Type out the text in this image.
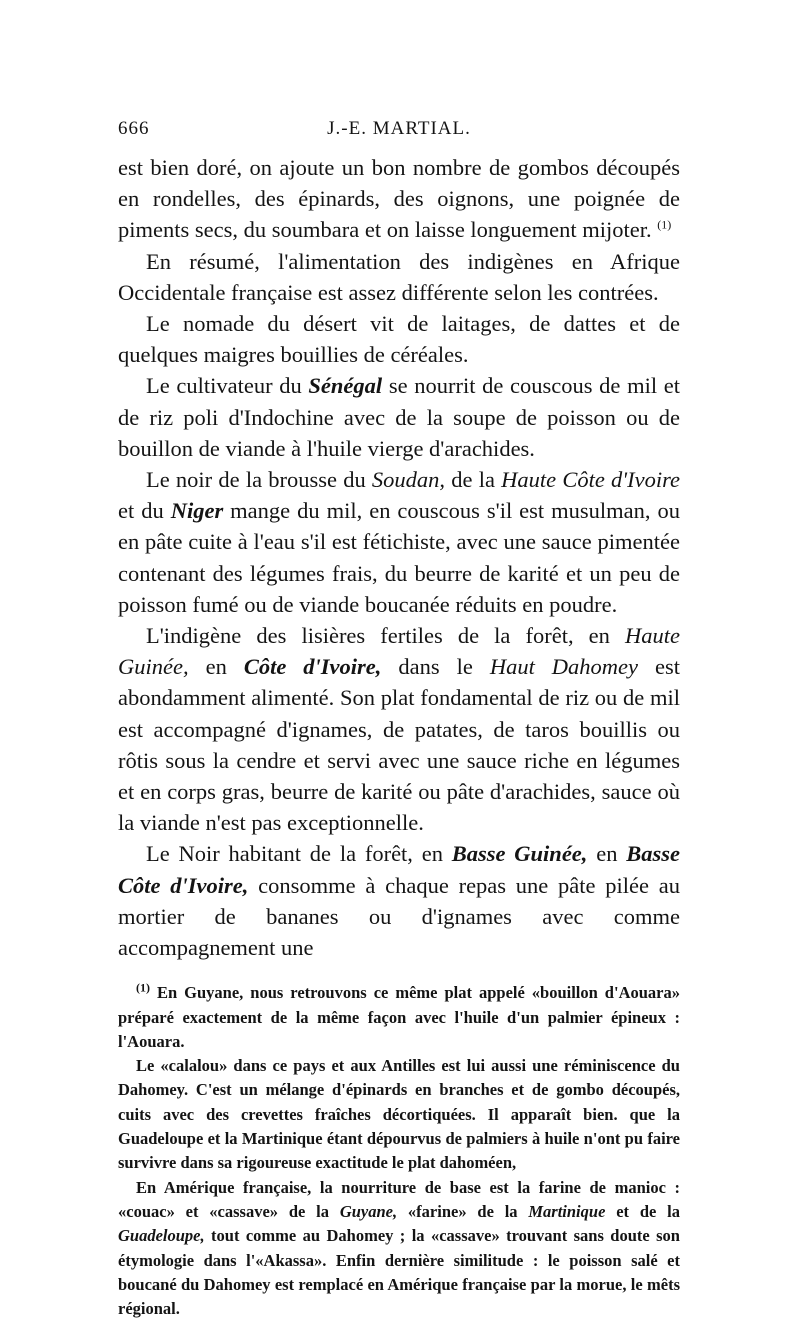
666	J.-E. MARTIAL.

est bien doré, on ajoute un bon nombre de gombos découpés en rondelles, des épinards, des oignons, une poignée de piments secs, du soumbara et on laisse longuement mijoter. $^{(1)}$

En résumé, l'alimentation des indigènes en Afrique Occidentale française est assez différente selon les contrées.

Le nomade du désert vit de laitages, de dattes et de quelques maigres bouillies de céréales.

Le cultivateur du Sénégal se nourrit de couscous de mil et de riz poli d'Indochine avec de la soupe de poisson ou de bouillon de viande à l'huile vierge d'arachides.

Le noir de la brousse du Soudan, de la Haute Côte d'Ivoire et du Niger mange du mil, en couscous s'il est musulman, ou en pâte cuite à l'eau s'il est fétichiste, avec une sauce pimentée contenant des légumes frais, du beurre de karité et un peu de poisson fumé ou de viande boucanée réduits en poudre.

L'indigène des lisières fertiles de la forêt, en Haute Guinée, en Côte d'Ivoire, dans le Haut Dahomey est abondamment alimenté. Son plat fondamental de riz ou de mil est accompagné d'ignames, de patates, de taros bouillis ou rôtis sous la cendre et servi avec une sauce riche en légumes et en corps gras, beurre de karité ou pâte d'arachides, sauce où la viande n'est pas exceptionnelle.

Le Noir habitant de la forêt, en Basse Guinée, en Basse Côte d'Ivoire, consomme à chaque repas une pâte pilée au mortier de bananes ou d'ignames avec comme accompagnement une

$^{(1)}$ En Guyane, nous retrouvons ce même plat appelé «bouillon d'Aouara» préparé exactement de la même façon avec l'huile d'un palmier épineux : l'Aouara.

Le «calalou» dans ce pays et aux Antilles est lui aussi une réminiscence du Dahomey. C'est un mélange d'épinards en branches et de gombo découpés, cuits avec des crevettes fraîches décortiquées. Il apparaît bien. que la Guadeloupe et la Martinique étant dépourvus de palmiers à huile n'ont pu faire survivre dans sa rigoureuse exactitude le plat dahoméen,

En Amérique française, la nourriture de base est la farine de manioc : «couac» et «cassave» de la Guyane, «farine» de la Martinique et de la Guadeloupe, tout comme au Dahomey ; la «cassave» trouvant sans doute son étymologie dans l'«Akassa». Enfin dernière similitude : le poisson salé et boucané du Dahomey est remplacé en Amérique française par la morue, le mêts régional.
